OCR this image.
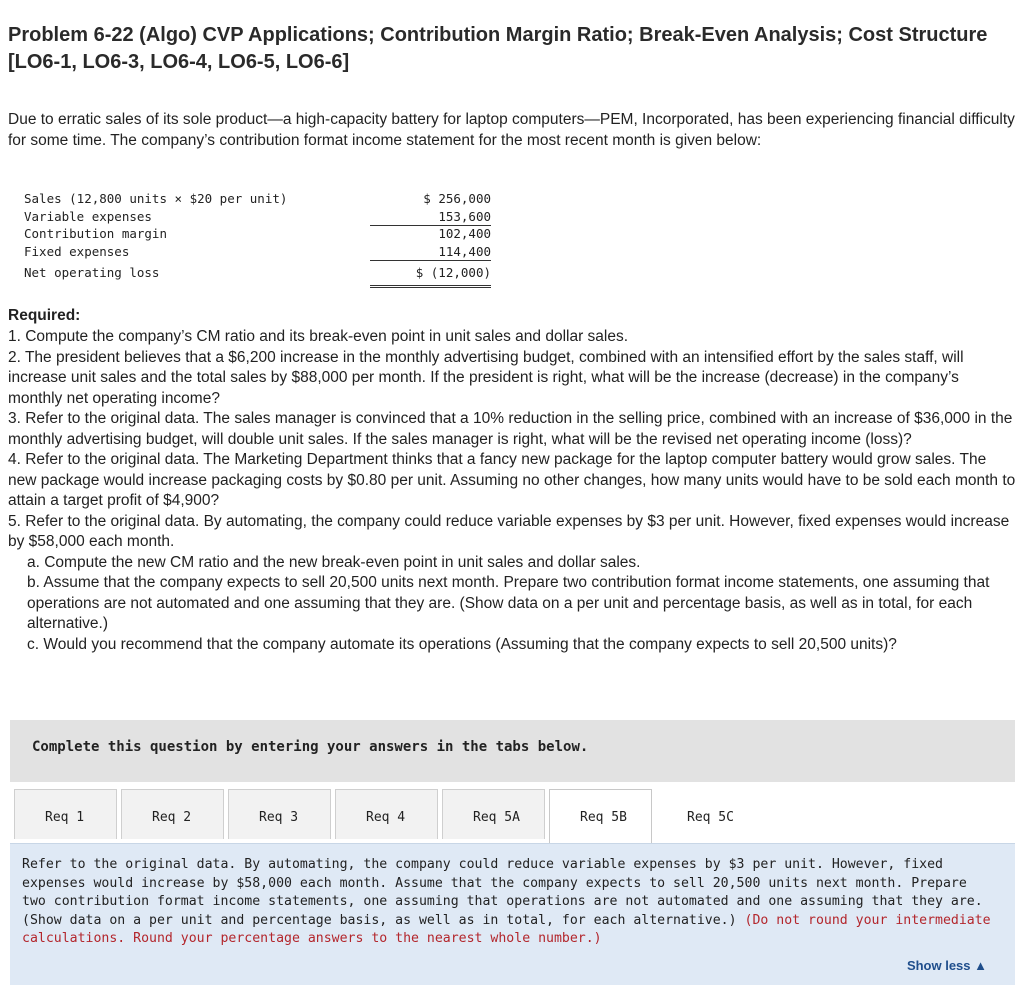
Problem 6-22 (Algo) CVP Applications; Contribution Margin Ratio; Break-Even Analysis; Cost Structure [LO6-1, LO6-3, LO6-4, LO6-5, LO6-6]
Due to erratic sales of its sole product—a high-capacity battery for laptop computers—PEM, Incorporated, has been experiencing financial difficulty for some time. The company’s contribution format income statement for the most recent month is given below:
Sales (12,800 units × $20 per unit)	$ 256,000
Variable expenses	153,600
Contribution margin	102,400
Fixed expenses	114,400
Net operating loss	$ (12,000)
Required:

1. Compute the company’s CM ratio and its break-even point in unit sales and dollar sales.

2. The president believes that a $6,200 increase in the monthly advertising budget, combined with an intensified effort by the sales staff, will increase unit sales and the total sales by $88,000 per month. If the president is right, what will be the increase (decrease) in the company’s monthly net operating income?

3. Refer to the original data. The sales manager is convinced that a 10% reduction in the selling price, combined with an increase of $36,000 in the monthly advertising budget, will double unit sales. If the sales manager is right, what will be the revised net operating income (loss)?

4. Refer to the original data. The Marketing Department thinks that a fancy new package for the laptop computer battery would grow sales. The new package would increase packaging costs by $0.80 per unit. Assuming no other changes, how many units would have to be sold each month to attain a target profit of $4,900?

5. Refer to the original data. By automating, the company could reduce variable expenses by $3 per unit. However, fixed expenses would increase by $58,000 each month.

a. Compute the new CM ratio and the new break-even point in unit sales and dollar sales.

b. Assume that the company expects to sell 20,500 units next month. Prepare two contribution format income statements, one assuming that operations are not automated and one assuming that they are. (Show data on a per unit and percentage basis, as well as in total, for each alternative.)

c. Would you recommend that the company automate its operations (Assuming that the company expects to sell 20,500 units)?

Complete this question by entering your answers in the tabs below.
Req 1	Req 2	Req 3	Req 4	Req 5A	Req 5B	Req 5C
Refer to the original data. By automating, the company could reduce variable expenses by $3 per unit. However, fixed expenses would increase by $58,000 each month. Assume that the company expects to sell 20,500 units next month. Prepare two contribution format income statements, one assuming that operations are not automated and one assuming that they are. (Show data on a per unit and percentage basis, as well as in total, for each alternative.) (Do not round your intermediate calculations. Round your percentage answers to the nearest whole number.)
Show less ▲
